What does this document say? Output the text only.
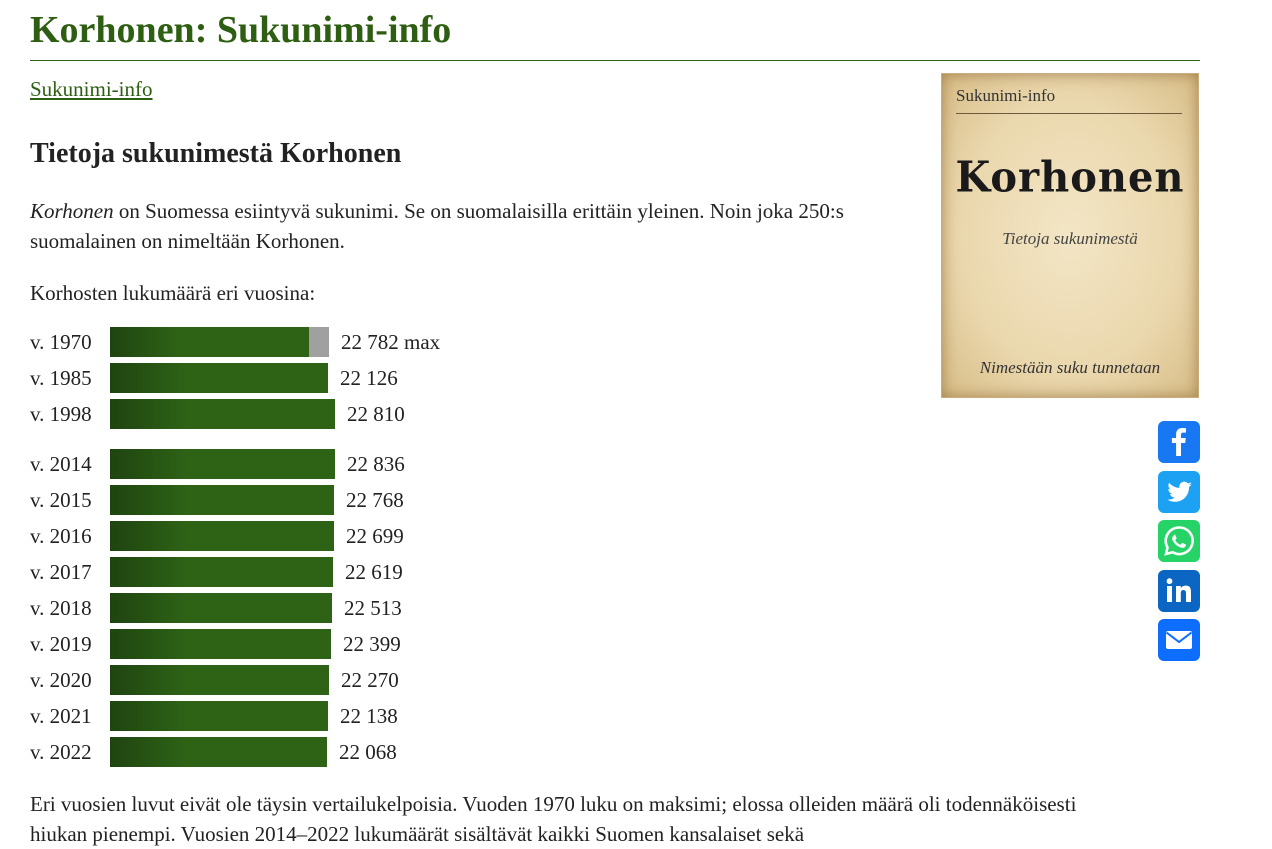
Korhonen: Sukunimi-info
Sukunimi-info
Tietoja sukunimestä Korhonen

Korhonen on Suomessa esiintyvä sukunimi. Se on suomalaisilla erittäin yleinen. Noin joka 250:s suomalainen on nimeltään Korhonen.

Korhosten lukumäärä eri vuosina:

v. 1970	22 782 max
v. 1985	22 126
v. 1998	22 810
v. 2014	22 836
v. 2015	22 768
v. 2016	22 699
v. 2017	22 619
v. 2018	22 513
v. 2019	22 399
v. 2020	22 270
v. 2021	22 138
v. 2022	22 068

Eri vuosien luvut eivät ole täysin vertailukelpoisia. Vuoden 1970 luku on maksimi; elossa olleiden määrä oli todennäköisesti hiukan pienempi. Vuosien 2014–2022 lukumäärät sisältävät kaikki Suomen kansalaiset sekä

Sukunimi-info
Korhonen
Tietoja sukunimestä
Nimestään suku tunnetaan
